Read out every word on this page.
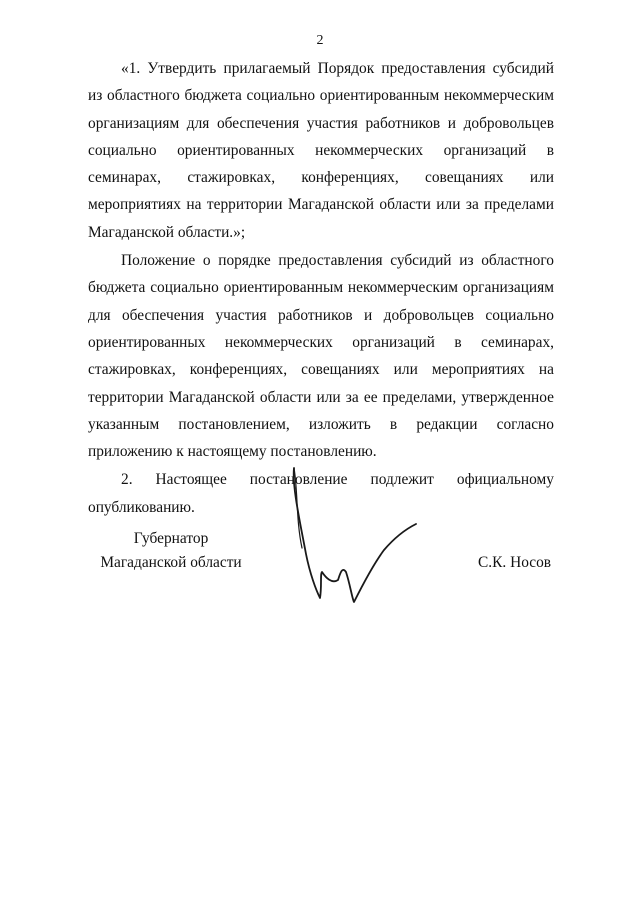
2

«1. Утвердить прилагаемый Порядок предоставления субсидий из областного бюджета социально ориентированным некоммерческим организациям для обеспечения участия работников и добровольцев социально ориентированных некоммерческих организаций в семинарах, стажировках, конференциях, совещаниях или мероприятиях на территории Магаданской области или за пределами Магаданской области.»;

Положение о порядке предоставления субсидий из областного бюджета социально ориентированным некоммерческим организациям для обеспечения участия работников и добровольцев социально ориентированных некоммерческих организаций в семинарах, стажировках, конференциях, совещаниях или мероприятиях на территории Магаданской области или за ее пределами, утвержденное указанным постановлением, изложить в редакции согласно приложению к настоящему постановлению.

2. Настоящее постановление подлежит официальному опубликованию.

Губернатор
Магаданской области	С.К. Носов
